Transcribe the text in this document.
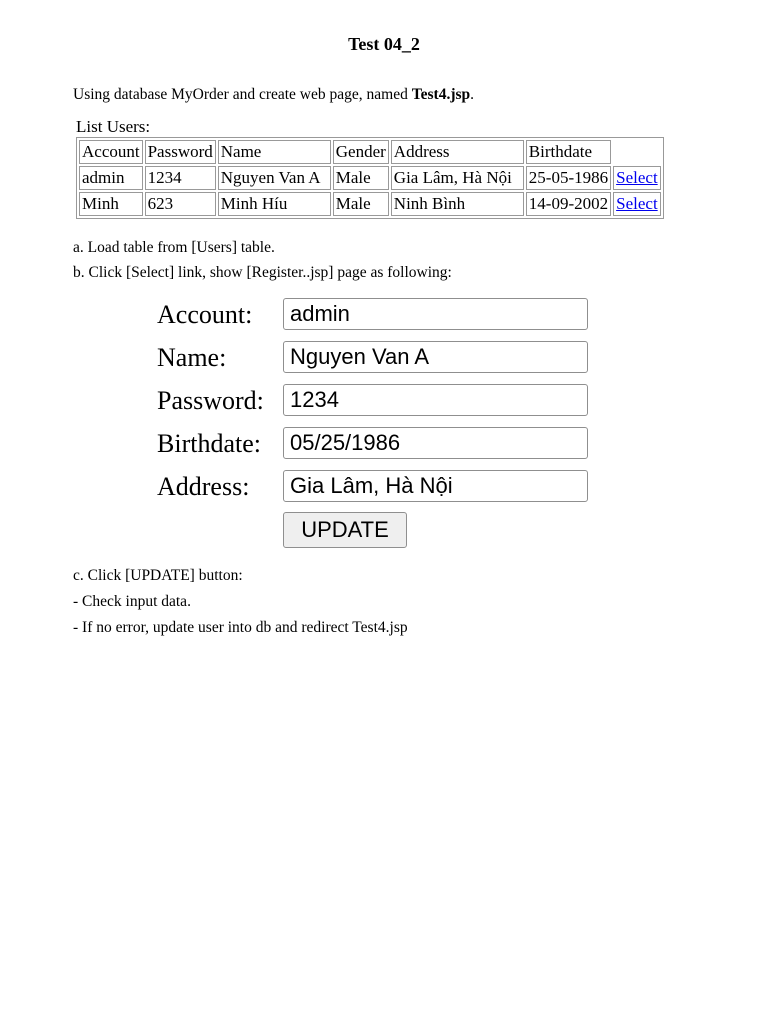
Test 04_2
Using database MyOrder and create web page, named Test4.jsp.
List Users:
Account	Password	Name	Gender	Address	Birthdate	
admin	1234	Nguyen Van A	Male	Gia Lâm, Hà Nội	25-05-1986	Select
Minh	623	Minh Híu	Male	Ninh Bình	14-09-2002	Select
a. Load table from [Users] table.
b. Click [Select] link, show [Register..jsp] page as following:
Account:	admin
Name:	Nguyen Van A
Password:	1234
Birthdate:	05/25/1986
Address:	Gia Lâm, Hà Nội
UPDATE
c. Click [UPDATE] button:
- Check input data.
- If no error, update user into db and redirect Test4.jsp
